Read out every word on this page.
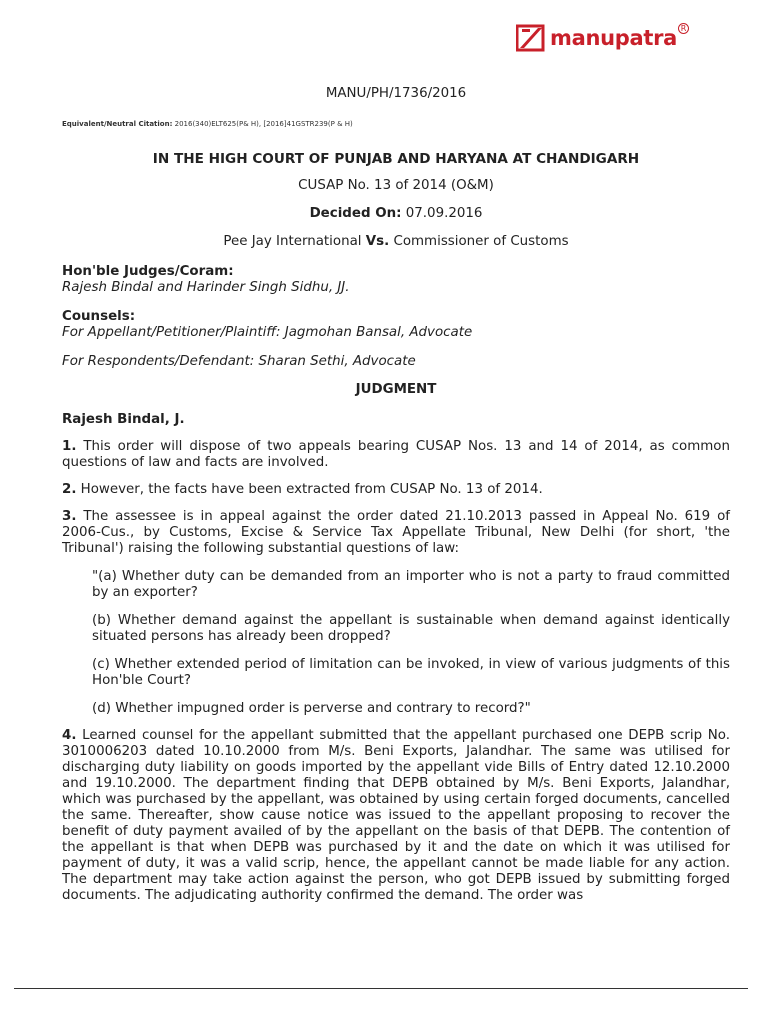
manupatra R
MANU/PH/1736/2016
Equivalent/Neutral Citation: 2016(340)ELT625(P& H), [2016]41GSTR239(P & H)
IN THE HIGH COURT OF PUNJAB AND HARYANA AT CHANDIGARH
CUSAP No. 13 of 2014 (O&M)
Decided On: 07.09.2016
Pee Jay International Vs. Commissioner of Customs
Hon'ble Judges/Coram:
Rajesh Bindal and Harinder Singh Sidhu, JJ.
Counsels:
For Appellant/Petitioner/Plaintiff: Jagmohan Bansal, Advocate
For Respondents/Defendant: Sharan Sethi, Advocate
JUDGMENT
Rajesh Bindal, J.

1. This order will dispose of two appeals bearing CUSAP Nos. 13 and 14 of 2014, as common questions of law and facts are involved.

2. However, the facts have been extracted from CUSAP No. 13 of 2014.

3. The assessee is in appeal against the order dated 21.10.2013 passed in Appeal No. 619 of 2006-Cus., by Customs, Excise & Service Tax Appellate Tribunal, New Delhi (for short, 'the Tribunal') raising the following substantial questions of law:

"(a) Whether duty can be demanded from an importer who is not a party to fraud committed by an exporter?

(b) Whether demand against the appellant is sustainable when demand against identically situated persons has already been dropped?

(c) Whether extended period of limitation can be invoked, in view of various judgments of this Hon'ble Court?

(d) Whether impugned order is perverse and contrary to record?"

4. Learned counsel for the appellant submitted that the appellant purchased one DEPB scrip No. 3010006203 dated 10.10.2000 from M/s. Beni Exports, Jalandhar. The same was utilised for discharging duty liability on goods imported by the appellant vide Bills of Entry dated 12.10.2000 and 19.10.2000. The department finding that DEPB obtained by M/s. Beni Exports, Jalandhar, which was purchased by the appellant, was obtained by using certain forged documents, cancelled the same. Thereafter, show cause notice was issued to the appellant proposing to recover the benefit of duty payment availed of by the appellant on the basis of that DEPB. The contention of the appellant is that when DEPB was purchased by it and the date on which it was utilised for payment of duty, it was a valid scrip, hence, the appellant cannot be made liable for any action. The department may take action against the person, who got DEPB issued by submitting forged documents. The adjudicating authority confirmed the demand. The order was
